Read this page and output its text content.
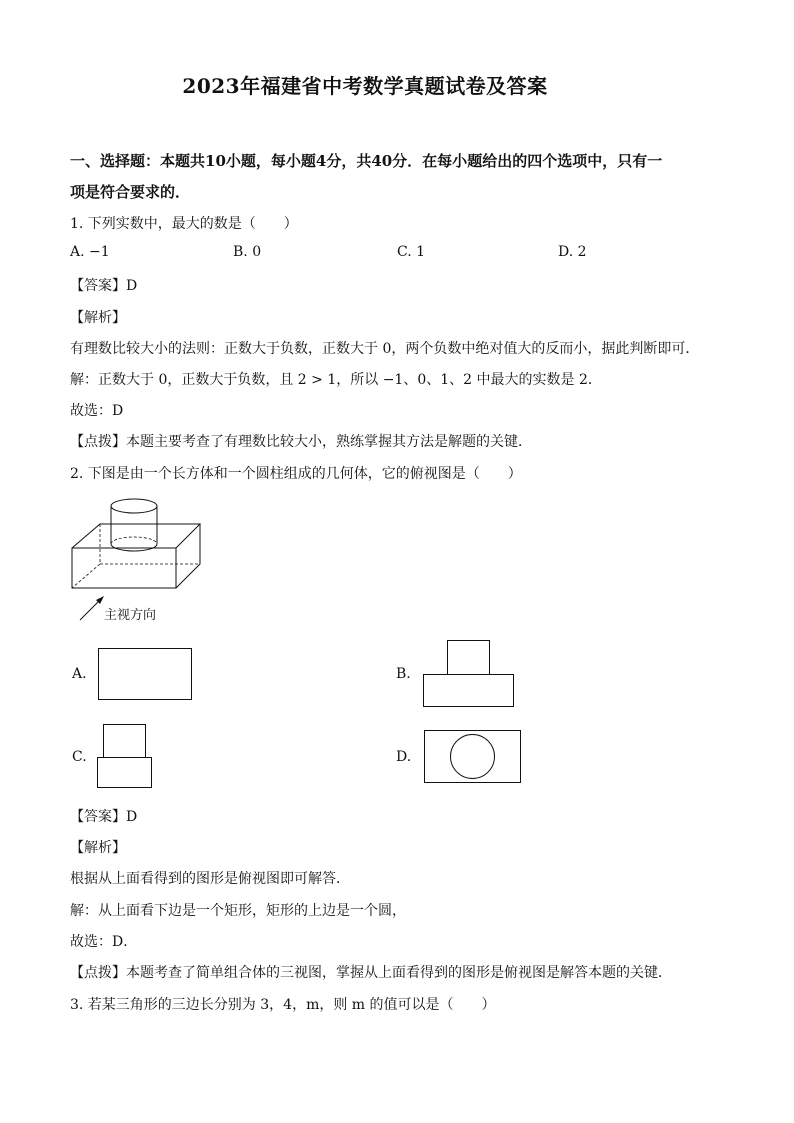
2023年福建省中考数学真题试卷及答案
一、选择题：本题共10小题，每小题4分，共40分．在每小题给出的四个选项中，只有一
项是符合要求的．
1. 下列实数中，最大的数是（　　）
A. −1	B. 0	C. 1	D. 2
【答案】D
【解析】
有理数比较大小的法则：正数大于负数，正数大于 0，两个负数中绝对值大的反而小，据此判断即可．
解：正数大于 0，正数大于负数，且 2 > 1，所以 −1、0、1、2 中最大的实数是 2．
故选：D
【点拨】本题主要考查了有理数比较大小，熟练掌握其方法是解题的关键．
2. 下图是由一个长方体和一个圆柱组成的几何体，它的俯视图是（　　）
主视方向
A.	B.
C.	D.
【答案】D
【解析】
根据从上面看得到的图形是俯视图即可解答．
解：从上面看下边是一个矩形，矩形的上边是一个圆，
故选：D．
【点拨】本题考查了简单组合体的三视图，掌握从上面看得到的图形是俯视图是解答本题的关键．
3. 若某三角形的三边长分别为 3，4，m，则 m 的值可以是（　　）
